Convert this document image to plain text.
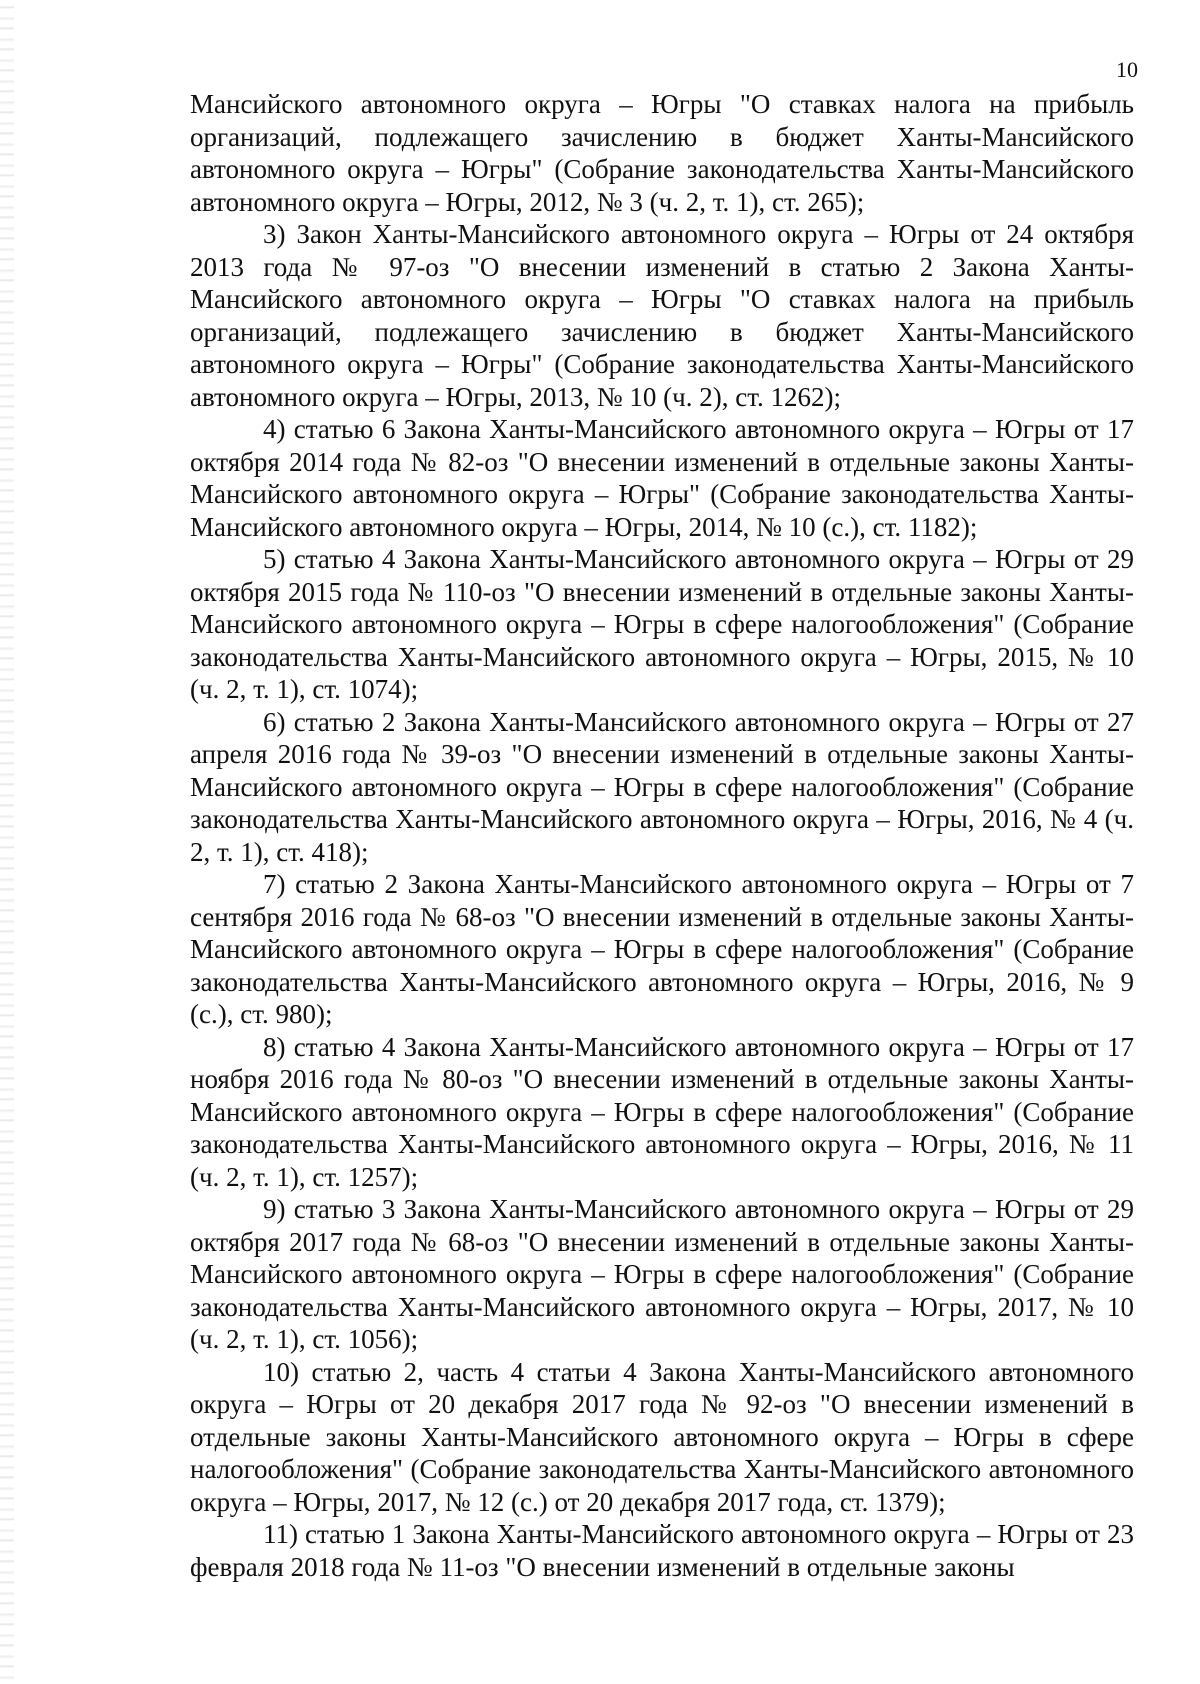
10

Мансийского автономного округа – Югры "О ставках налога на прибыль организаций, подлежащего зачислению в бюджет Ханты-Мансийского автономного округа – Югры" (Собрание законодательства Ханты-Мансийского автономного округа – Югры, 2012, № 3 (ч. 2, т. 1), ст. 265);

3) Закон Ханты-Мансийского автономного округа – Югры от 24 октября 2013 года № 97-оз "О внесении изменений в статью 2 Закона Ханты-Мансийского автономного округа – Югры "О ставках налога на прибыль организаций, подлежащего зачислению в бюджет Ханты-Мансийского автономного округа – Югры" (Собрание законодательства Ханты-Мансийского автономного округа – Югры, 2013, № 10 (ч. 2), ст. 1262);

4) статью 6 Закона Ханты-Мансийского автономного округа – Югры от 17 октября 2014 года № 82-оз "О внесении изменений в отдельные законы Ханты-Мансийского автономного округа – Югры" (Собрание законодательства Ханты-Мансийского автономного округа – Югры, 2014, № 10 (с.), ст. 1182);

5) статью 4 Закона Ханты-Мансийского автономного округа – Югры от 29 октября 2015 года № 110-оз "О внесении изменений в отдельные законы Ханты-Мансийского автономного округа – Югры в сфере налогообложения" (Собрание законодательства Ханты-Мансийского автономного округа – Югры, 2015, № 10 (ч. 2, т. 1), ст. 1074);

6) статью 2 Закона Ханты-Мансийского автономного округа – Югры от 27 апреля 2016 года № 39-оз "О внесении изменений в отдельные законы Ханты-Мансийского автономного округа – Югры в сфере налогообложения" (Собрание законодательства Ханты-Мансийского автономного округа – Югры, 2016, № 4 (ч. 2, т. 1), ст. 418);

7) статью 2 Закона Ханты-Мансийского автономного округа – Югры от 7 сентября 2016 года № 68-оз "О внесении изменений в отдельные законы Ханты-Мансийского автономного округа – Югры в сфере налогообложения" (Собрание законодательства Ханты-Мансийского автономного округа – Югры, 2016, № 9 (с.), ст. 980);

8) статью 4 Закона Ханты-Мансийского автономного округа – Югры от 17 ноября 2016 года № 80-оз "О внесении изменений в отдельные законы Ханты-Мансийского автономного округа – Югры в сфере налогообложения" (Собрание законодательства Ханты-Мансийского автономного округа – Югры, 2016, № 11 (ч. 2, т. 1), ст. 1257);

9) статью 3 Закона Ханты-Мансийского автономного округа – Югры от 29 октября 2017 года № 68-оз "О внесении изменений в отдельные законы Ханты-Мансийского автономного округа – Югры в сфере налогообложения" (Собрание законодательства Ханты-Мансийского автономного округа – Югры, 2017, № 10 (ч. 2, т. 1), ст. 1056);

10) статью 2, часть 4 статьи 4 Закона Ханты-Мансийского автономного округа – Югры от 20 декабря 2017 года № 92-оз "О внесении изменений в отдельные законы Ханты-Мансийского автономного округа – Югры в сфере налогообложения" (Собрание законодательства Ханты-Мансийского автономного округа – Югры, 2017, № 12 (с.) от 20 декабря 2017 года, ст. 1379);

11) статью 1 Закона Ханты-Мансийского автономного округа – Югры от 23 февраля 2018 года № 11-оз "О внесении изменений в отдельные законы
